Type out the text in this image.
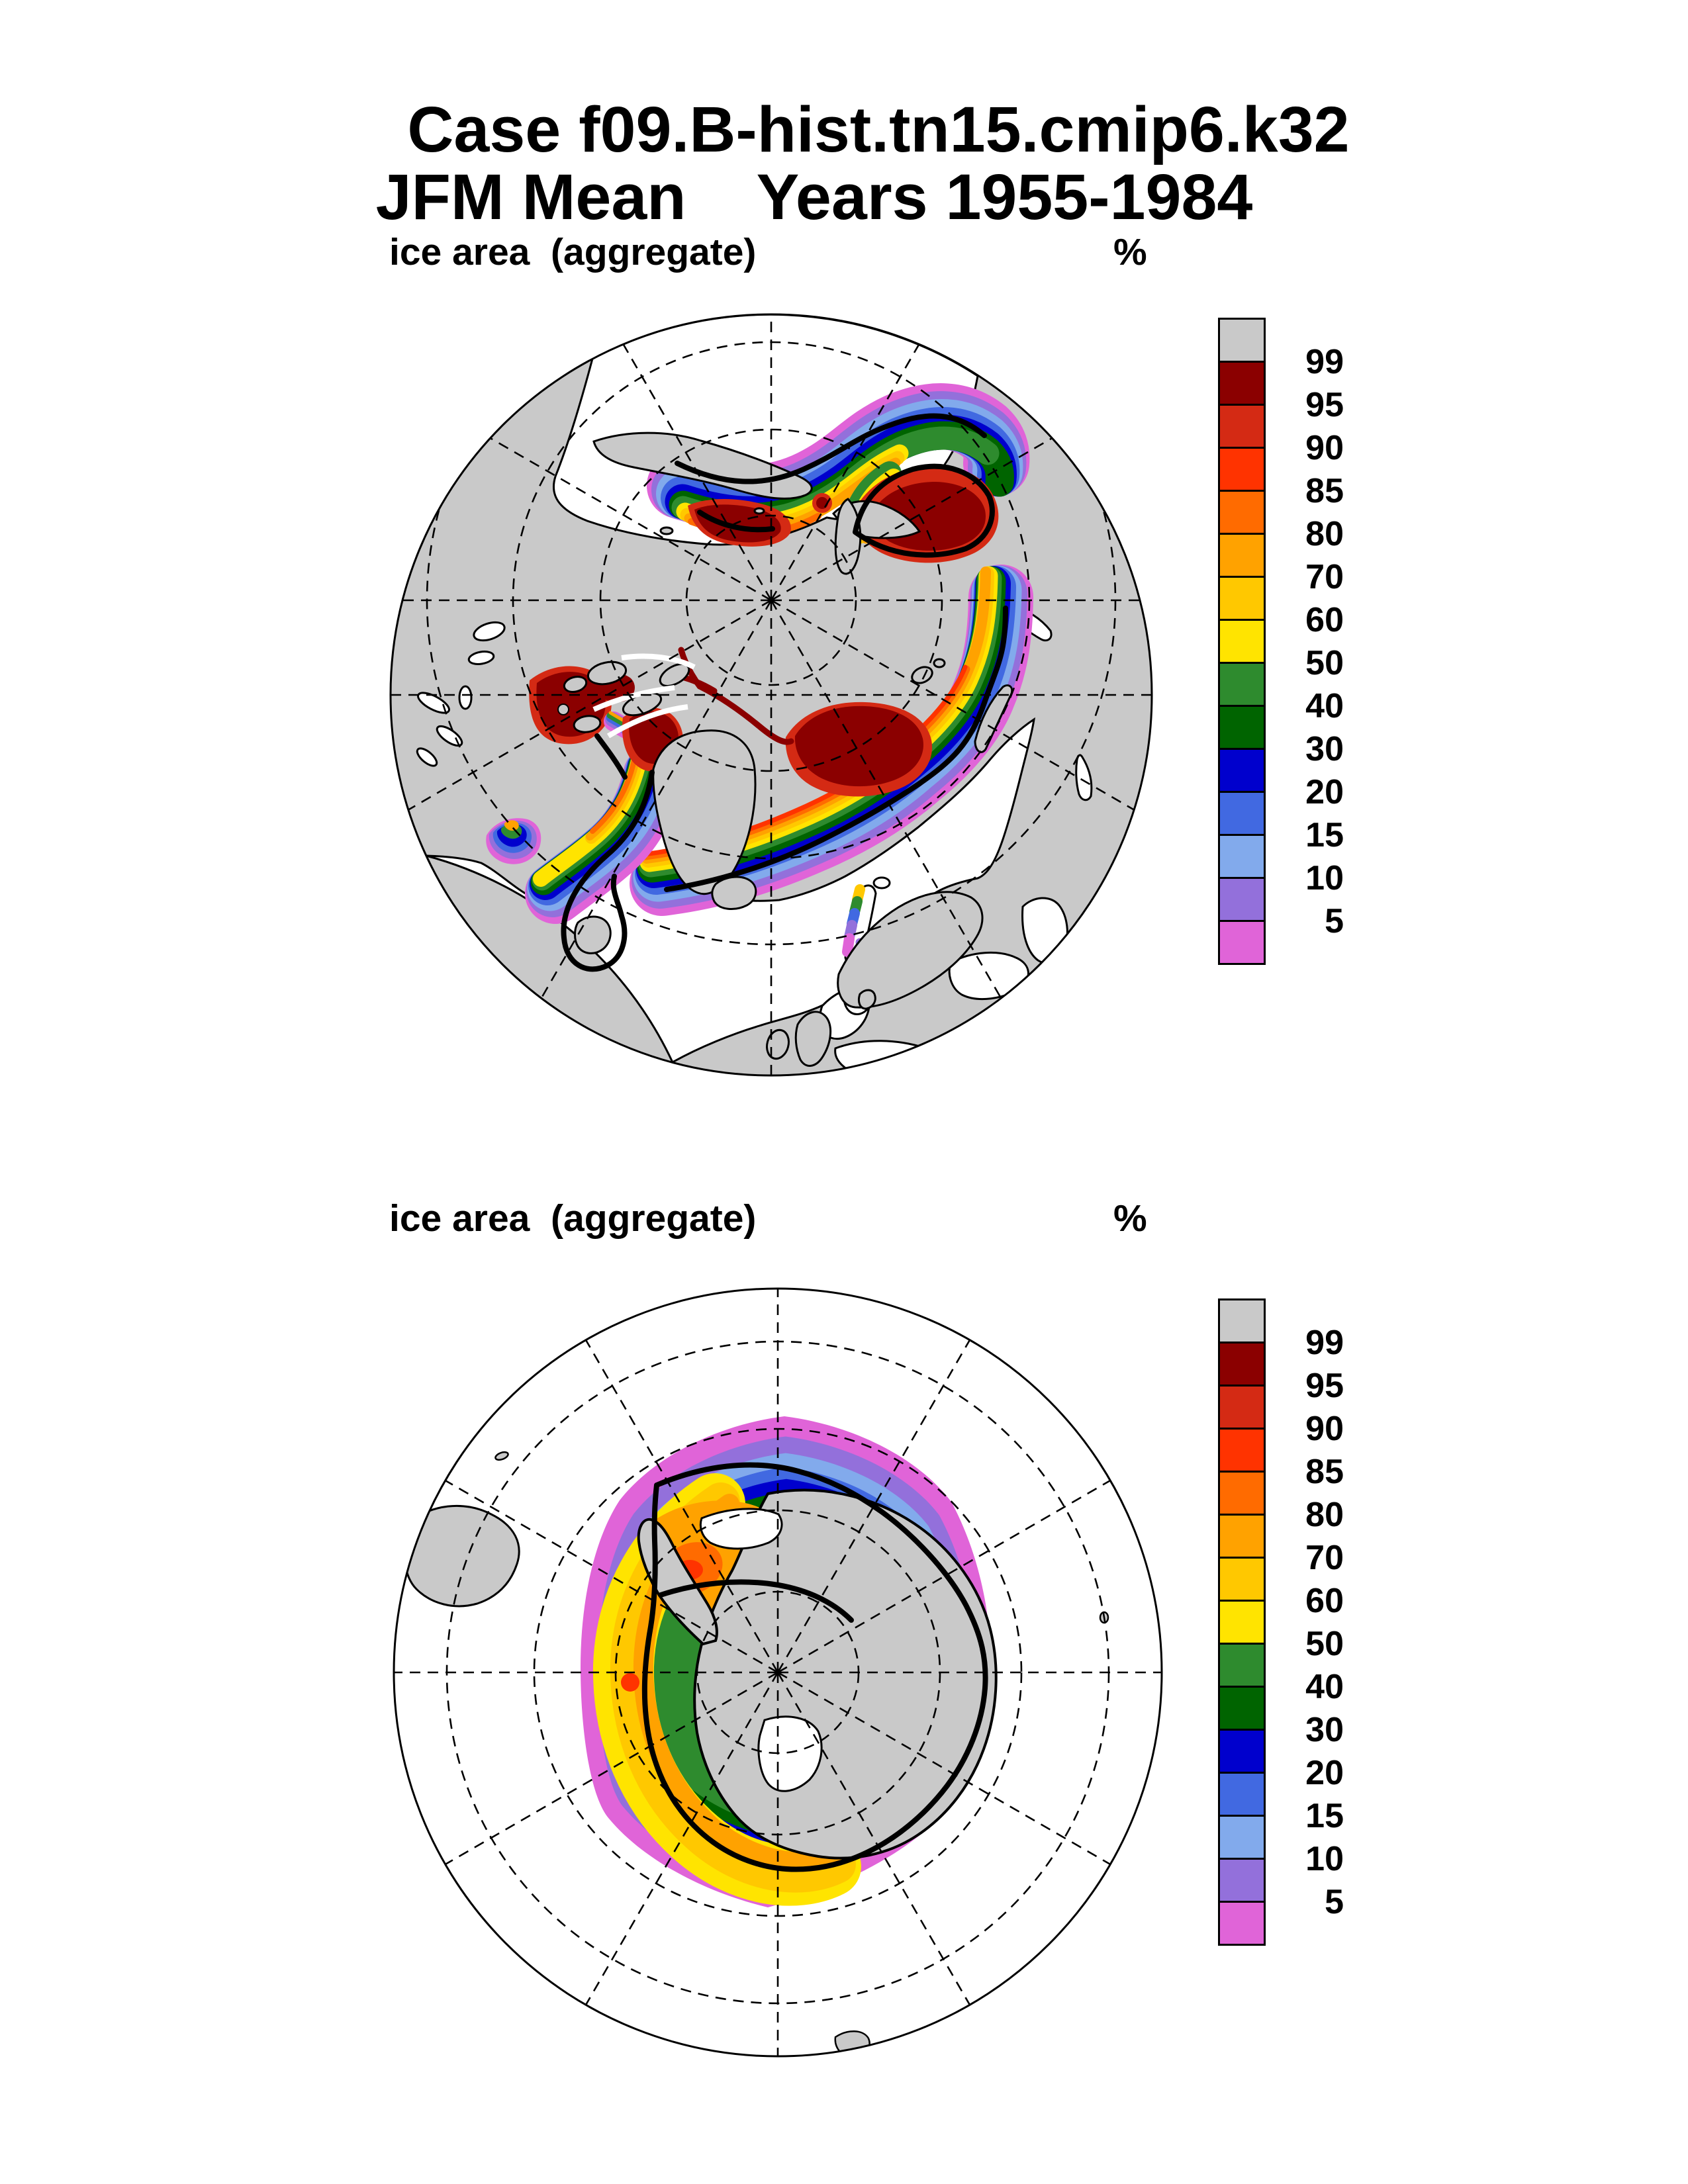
Case f09.B-hist.tn15.cmip6.k32
JFM Mean    Years 1955-1984
ice area  (aggregate)	%
ice area  (aggregate)	%
99
95
90
85
80
70
60
50
40
30
20
15
10
5
99
95
90
85
80
70
60
50
40
30
20
15
10
5
